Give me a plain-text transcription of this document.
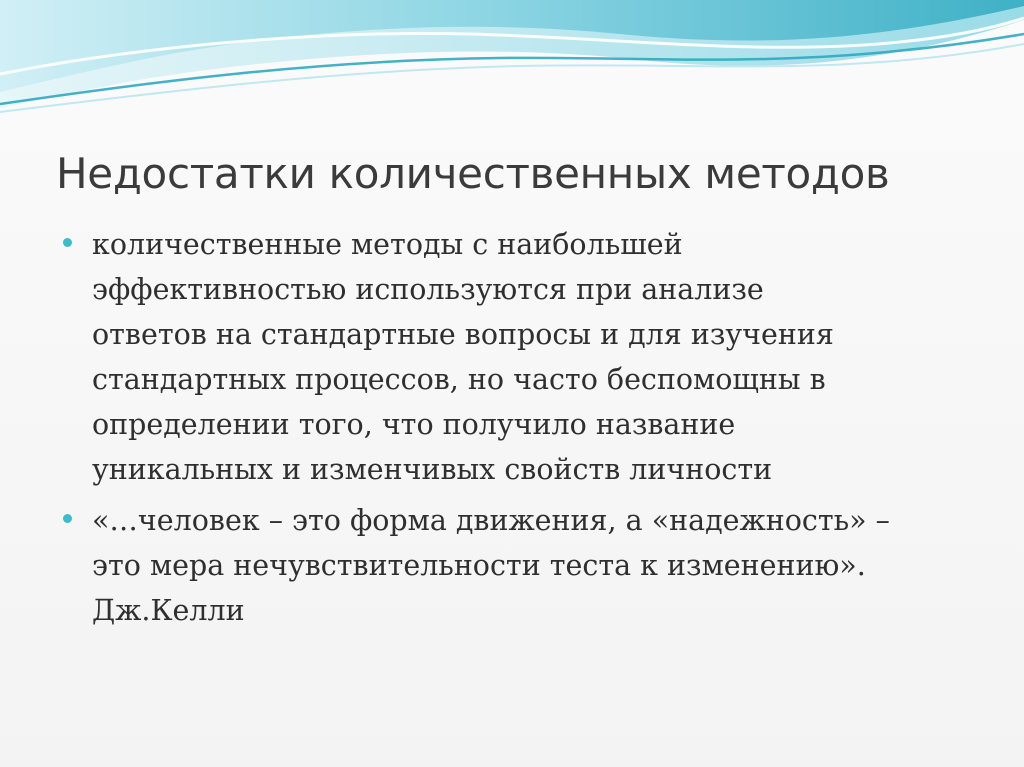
Недостатки количественных методов
количественные методы с наибольшей
эффективностью используются при анализе
ответов на стандартные вопросы и для изучения
стандартных процессов, но часто беспомощны в
определении того, что получило название
уникальных и изменчивых свойств личности
«…человек – это форма движения, а «надежность» –
это мера нечувствительности теста к изменению».
Дж.Келли
